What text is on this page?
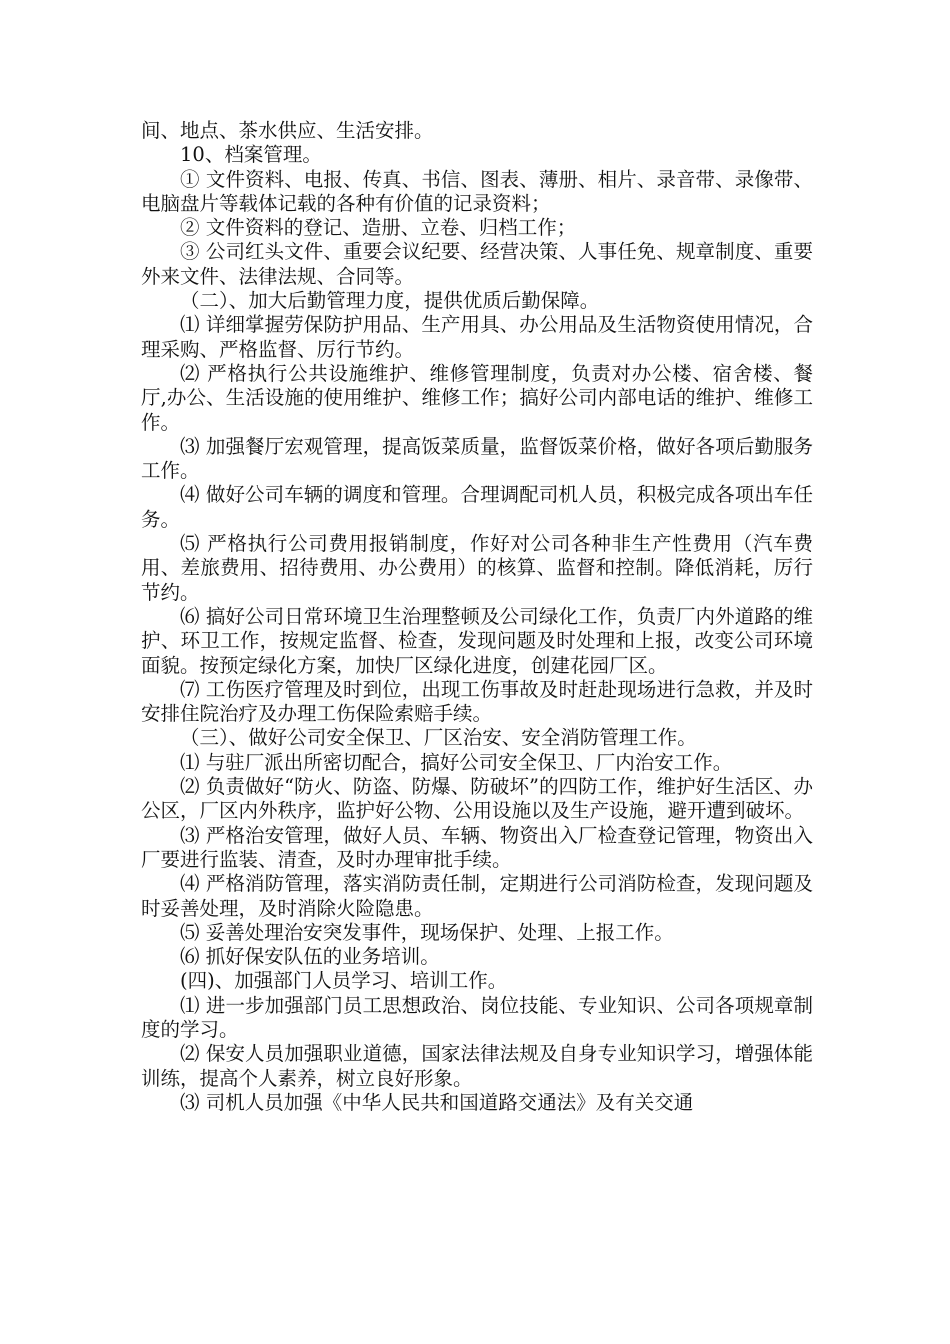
间、地点、茶水供应、生活安排。

10、档案管理。

① 文件资料、电报、传真、书信、图表、薄册、相片、录音带、录像带、电脑盘片等载体记载的各种有价值的记录资料；

② 文件资料的登记、造册、立卷、归档工作；

③ 公司红头文件、重要会议纪要、经营决策、人事任免、规章制度、重要外来文件、法律法规、合同等。

（二）、加大后勤管理力度，提供优质后勤保障。

⑴ 详细掌握劳保防护用品、生产用具、办公用品及生活物资使用情况，合理采购、严格监督、厉行节约。

⑵ 严格执行公共设施维护、维修管理制度，负责对办公楼、宿舍楼、餐厅,办公、生活设施的使用维护、维修工作；搞好公司内部电话的维护、维修工作。

⑶ 加强餐厅宏观管理，提高饭菜质量，监督饭菜价格，做好各项后勤服务工作。

⑷ 做好公司车辆的调度和管理。合理调配司机人员，积极完成各项出车任务。

⑸ 严格执行公司费用报销制度，作好对公司各种非生产性费用（汽车费用、差旅费用、招待费用、办公费用）的核算、监督和控制。降低消耗，厉行节约。

⑹ 搞好公司日常环境卫生治理整顿及公司绿化工作，负责厂内外道路的维护、环卫工作，按规定监督、检查，发现问题及时处理和上报，改变公司环境面貌。按预定绿化方案，加快厂区绿化进度，创建花园厂区。

⑺ 工伤医疗管理及时到位，出现工伤事故及时赶赴现场进行急救，并及时安排住院治疗及办理工伤保险索赔手续。

（三）、做好公司安全保卫、厂区治安、安全消防管理工作。

⑴ 与驻厂派出所密切配合，搞好公司安全保卫、厂内治安工作。

⑵ 负责做好“防火、防盗、防爆、防破坏”的四防工作，维护好生活区、办公区，厂区内外秩序，监护好公物、公用设施以及生产设施，避开遭到破坏。

⑶ 严格治安管理，做好人员、车辆、物资出入厂检查登记管理，物资出入厂要进行监装、清查，及时办理审批手续。

⑷ 严格消防管理，落实消防责任制，定期进行公司消防检查，发现问题及时妥善处理，及时消除火险隐患。

⑸ 妥善处理治安突发事件，现场保护、处理、上报工作。

⑹ 抓好保安队伍的业务培训。

(四)、加强部门人员学习、培训工作。

⑴ 进一步加强部门员工思想政治、岗位技能、专业知识、公司各项规章制度的学习。

⑵ 保安人员加强职业道德，国家法律法规及自身专业知识学习，增强体能训练，提高个人素养，树立良好形象。

⑶ 司机人员加强《中华人民共和国道路交通法》及有关交通
